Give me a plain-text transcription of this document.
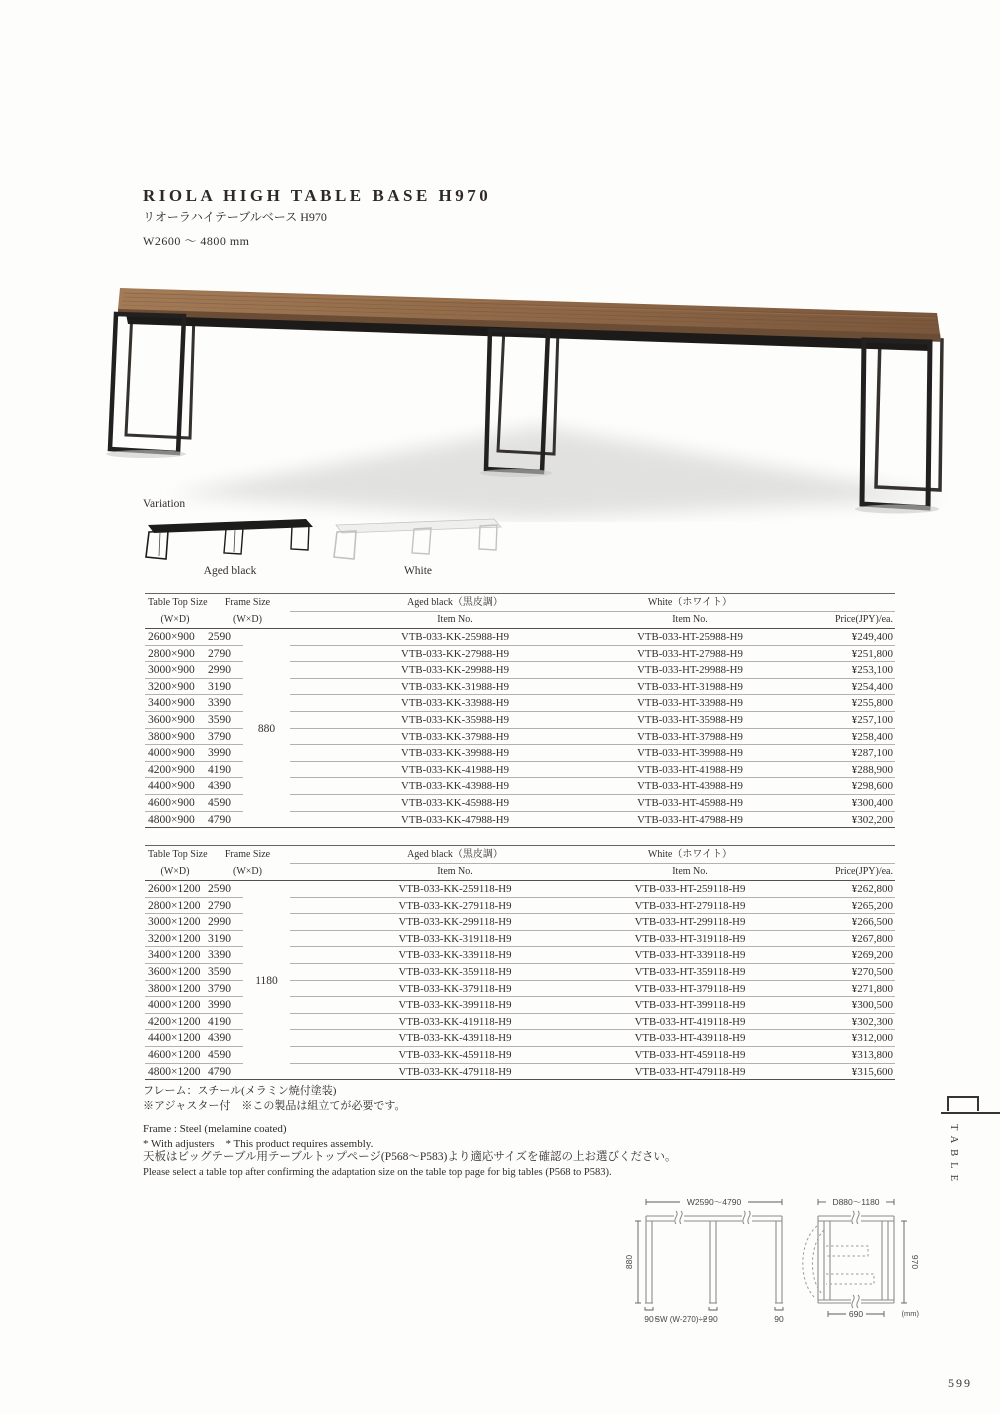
RIOLA HIGH TABLE BASE H970
リオーラハイテーブルベース H970
W2600 〜 4800 mm
Variation
Aged black	White
Table Top Size	Frame Size	Aged black（黒皮調）	White（ホワイト）
(W×D)	(W×D)	Item No.	Item No.	Price(JPY)/ea.
880
2600×900	2590	VTB-033-KK-25988-H9	VTB-033-HT-25988-H9	¥249,400
2800×900	2790	VTB-033-KK-27988-H9	VTB-033-HT-27988-H9	¥251,800
3000×900	2990	VTB-033-KK-29988-H9	VTB-033-HT-29988-H9	¥253,100
3200×900	3190	VTB-033-KK-31988-H9	VTB-033-HT-31988-H9	¥254,400
3400×900	3390	VTB-033-KK-33988-H9	VTB-033-HT-33988-H9	¥255,800
3600×900	3590	VTB-033-KK-35988-H9	VTB-033-HT-35988-H9	¥257,100
3800×900	3790	VTB-033-KK-37988-H9	VTB-033-HT-37988-H9	¥258,400
4000×900	3990	VTB-033-KK-39988-H9	VTB-033-HT-39988-H9	¥287,100
4200×900	4190	VTB-033-KK-41988-H9	VTB-033-HT-41988-H9	¥288,900
4400×900	4390	VTB-033-KK-43988-H9	VTB-033-HT-43988-H9	¥298,600
4600×900	4590	VTB-033-KK-45988-H9	VTB-033-HT-45988-H9	¥300,400
4800×900	4790	VTB-033-KK-47988-H9	VTB-033-HT-47988-H9	¥302,200
Table Top Size	Frame Size	Aged black（黒皮調）	White（ホワイト）
(W×D)	(W×D)	Item No.	Item No.	Price(JPY)/ea.
1180
2600×1200 2590	VTB-033-KK-259118-H9	VTB-033-HT-259118-H9	¥262,800
2800×1200 2790	VTB-033-KK-279118-H9	VTB-033-HT-279118-H9	¥265,200
3000×1200 2990	VTB-033-KK-299118-H9	VTB-033-HT-299118-H9	¥266,500
3200×1200 3190	VTB-033-KK-319118-H9	VTB-033-HT-319118-H9	¥267,800
3400×1200 3390	VTB-033-KK-339118-H9	VTB-033-HT-339118-H9	¥269,200
3600×1200 3590	VTB-033-KK-359118-H9	VTB-033-HT-359118-H9	¥270,500
3800×1200 3790	VTB-033-KK-379118-H9	VTB-033-HT-379118-H9	¥271,800
4000×1200 3990	VTB-033-KK-399118-H9	VTB-033-HT-399118-H9	¥300,500
4200×1200 4190	VTB-033-KK-419118-H9	VTB-033-HT-419118-H9	¥302,300
4400×1200 4390	VTB-033-KK-439118-H9	VTB-033-HT-439118-H9	¥312,000
4600×1200 4590	VTB-033-KK-459118-H9	VTB-033-HT-459118-H9	¥313,800
4800×1200 4790	VTB-033-KK-479118-H9	VTB-033-HT-479118-H9	¥315,600
フレーム：スチール(メラミン焼付塗装)
※アジャスター付　※この製品は組立てが必要です。
Frame : Steel (melamine coated)
* With adjusters　* This product requires assembly.
天板はビッグテーブル用テーブルトップページ(P568〜P583)より適応サイズを確認の上お選びください。
Please select a table top after confirming the adaptation size on the table top page for big tables (P568 to P583).
W2590〜4790
880
90 SW (W-270)÷2 90	90
D880〜1180
970
690	(mm)
TABLE
599
